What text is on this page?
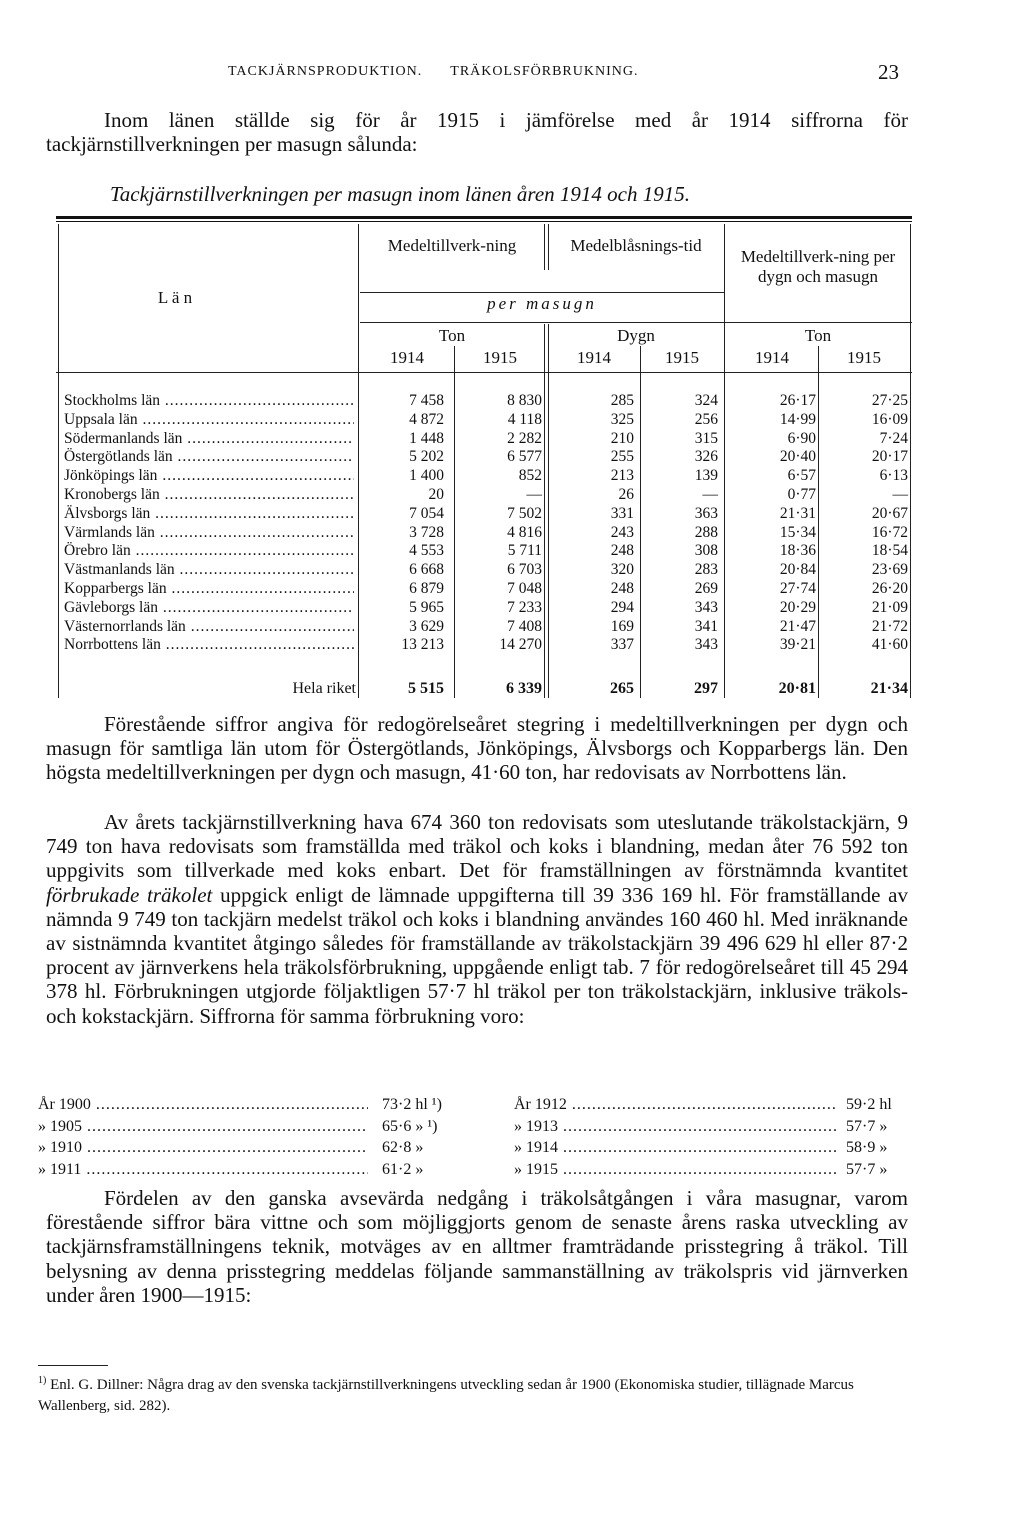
TACKJÄRNSPRODUKTION. TRÄKOLSFÖRBRUKNING.	23

Inom länen ställde sig för år 1915 i jämförelse med år 1914 siffrorna för tackjärnstillverkningen per masugn sålunda:

Tackjärnstillverkningen per masugn inom länen åren 1914 och 1915.
L ä n
Medeltillverk-ning	Medelblåsnings-tid
Medeltillverk-ning per dygn och masugn
per masugn
Ton	Dygn	Ton
1914	1915	1914	1915	1914	1915
Stockholms län .....	7 458	8 830	285	324	26·17	27·25
Uppsala län .....	4 872	4 118	325	256	14·99	16·09
Södermanlands län .....	1 448	2 282	210	315	6·90	7·24
Östergötlands län .....	5 202	6 577	255	326	20·40	20·17
Jönköpings län .....	1 400	852	213	139	6·57	6·13
Kronobergs län .....	20	—	26	—	0·77	—
Älvsborgs län .....	7 054	7 502	331	363	21·31	20·67
Värmlands län .....	3 728	4 816	243	288	15·34	16·72
Örebro län .....	4 553	5 711	248	308	18·36	18·54
Västmanlands län .....	6 668	6 703	320	283	20·84	23·69
Kopparbergs län .....	6 879	7 048	248	269	27·74	26·20
Gävleborgs län .....	5 965	7 233	294	343	20·29	21·09
Västernorrlands län .....	3 629	7 408	169	341	21·47	21·72
Norrbottens län .....	13 213	14 270	337	343	39·21	41·60
Hela riket	5 515	6 339	265	297	20·81	21·34

Förestående siffror angiva för redogörelseåret stegring i medeltillverkningen per dygn och masugn för samtliga län utom för Östergötlands, Jönköpings, Älvsborgs och Kopparbergs län. Den högsta medeltillverkningen per dygn och masugn, 41·60 ton, har redovisats av Norrbottens län.

Av årets tackjärnstillverkning hava 674 360 ton redovisats som uteslutande träkolstackjärn, 9 749 ton hava redovisats som framställda med träkol och koks i blandning, medan åter 76 592 ton uppgivits som tillverkade med koks enbart. Det för framställningen av förstnämnda kvantitet förbrukade träkolet uppgick enligt de lämnade uppgifterna till 39 336 169 hl. För framställande av nämnda 9 749 ton tackjärn medelst träkol och koks i blandning användes 160 460 hl. Med inräknande av sistnämnda kvantitet åtgingo således för framställande av träkolstackjärn 39 496 629 hl eller 87·2 procent av järnverkens hela träkolsförbrukning, uppgående enligt tab. 7 för redogörelseåret till 45 294 378 hl. Förbrukningen utgjorde följaktligen 57·7 hl träkol per ton träkolstackjärn, inklusive träkols- och kokstackjärn. Siffrorna för samma förbrukning voro:

År 1900 .....	73·2 hl ¹)
» 1905 .....	65·6 » ¹)
» 1910 .....	62·8 »
» 1911 .....	61·2 »
År 1912 .....	59·2 hl
» 1913 .....	57·7 »
» 1914 .....	58·9 »
» 1915 .....	57·7 »

Fördelen av den ganska avsevärda nedgång i träkolsåtgången i våra masugnar, varom förestående siffror bära vittne och som möjliggjorts genom de senaste årens raska utveckling av tackjärnsframställningens teknik, motväges av en alltmer framträdande prisstegring å träkol. Till belysning av denna prisstegring meddelas följande sammanställning av träkolspris vid järnverken under åren 1900—1915:

$^{1)}$ Enl. G. Dillner: Några drag av den svenska tackjärnstillverkningens utveckling sedan år 1900 (Ekonomiska studier, tillägnade Marcus Wallenberg, sid. 282).
